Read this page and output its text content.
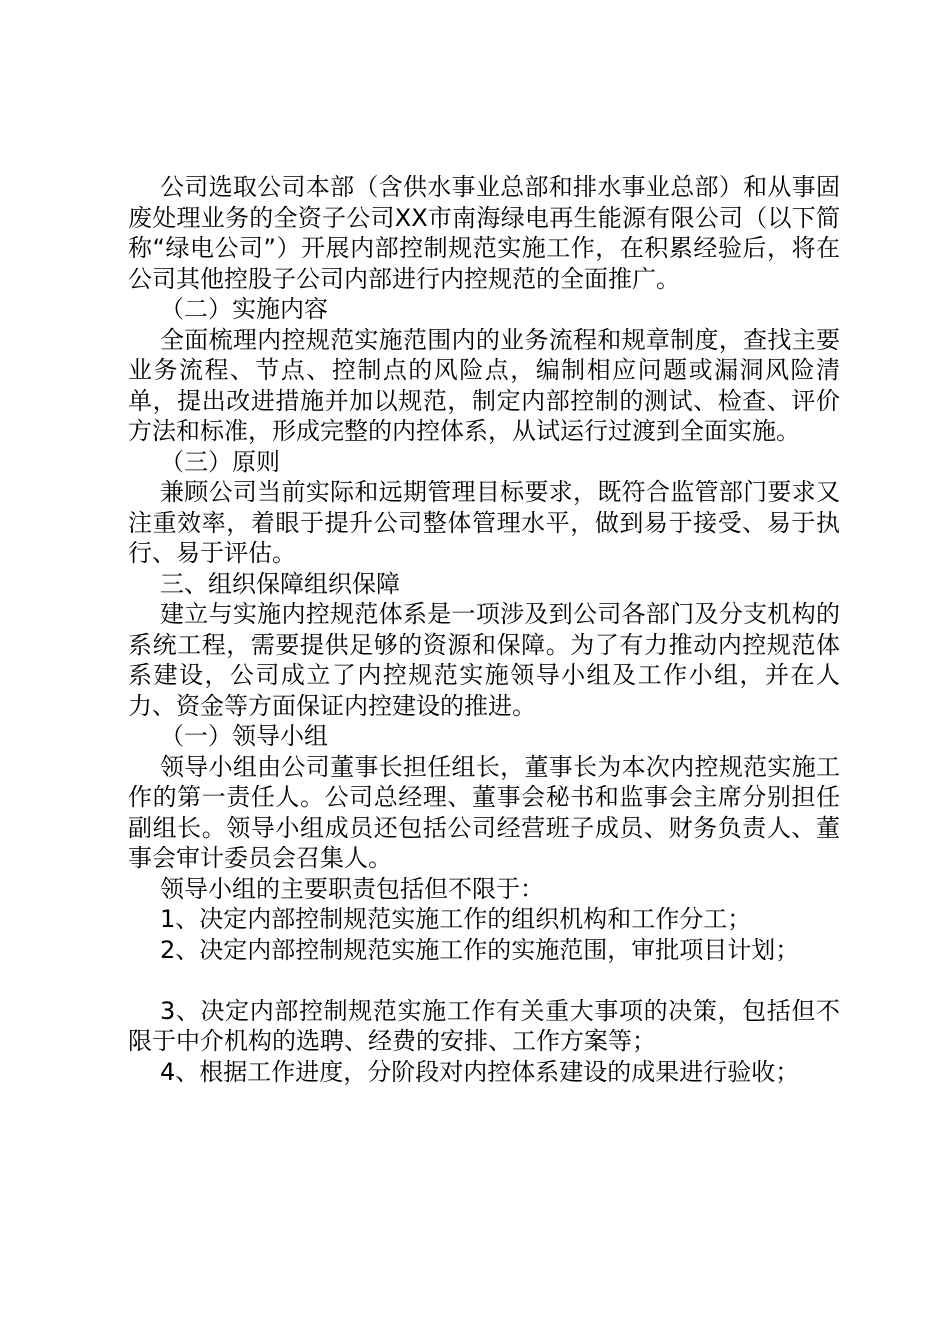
公司选取公司本部（含供水事业总部和排水事业总部）和从事固废处理业务的全资子公司XX市南海绿电再生能源有限公司（以下简称“绿电公司”）开展内部控制规范实施工作，在积累经验后，将在公司其他控股子公司内部进行内控规范的全面推广。

（二）实施内容

全面梳理内控规范实施范围内的业务流程和规章制度，查找主要业务流程、节点、控制点的风险点，编制相应问题或漏洞风险清单，提出改进措施并加以规范，制定内部控制的测试、检查、评价方法和标准，形成完整的内控体系，从试运行过渡到全面实施。

（三）原则

兼顾公司当前实际和远期管理目标要求，既符合监管部门要求又注重效率，着眼于提升公司整体管理水平，做到易于接受、易于执行、易于评估。

三、组织保障组织保障

建立与实施内控规范体系是一项涉及到公司各部门及分支机构的系统工程，需要提供足够的资源和保障。为了有力推动内控规范体系建设，公司成立了内控规范实施领导小组及工作小组，并在人力、资金等方面保证内控建设的推进。

（一）领导小组

领导小组由公司董事长担任组长，董事长为本次内控规范实施工作的第一责任人。公司总经理、董事会秘书和监事会主席分别担任副组长。领导小组成员还包括公司经营班子成员、财务负责人、董事会审计委员会召集人。

领导小组的主要职责包括但不限于：

1、决定内部控制规范实施工作的组织机构和工作分工；

2、决定内部控制规范实施工作的实施范围，审批项目计划；

3、决定内部控制规范实施工作有关重大事项的决策，包括但不限于中介机构的选聘、经费的安排、工作方案等；

4、根据工作进度，分阶段对内控体系建设的成果进行验收；
